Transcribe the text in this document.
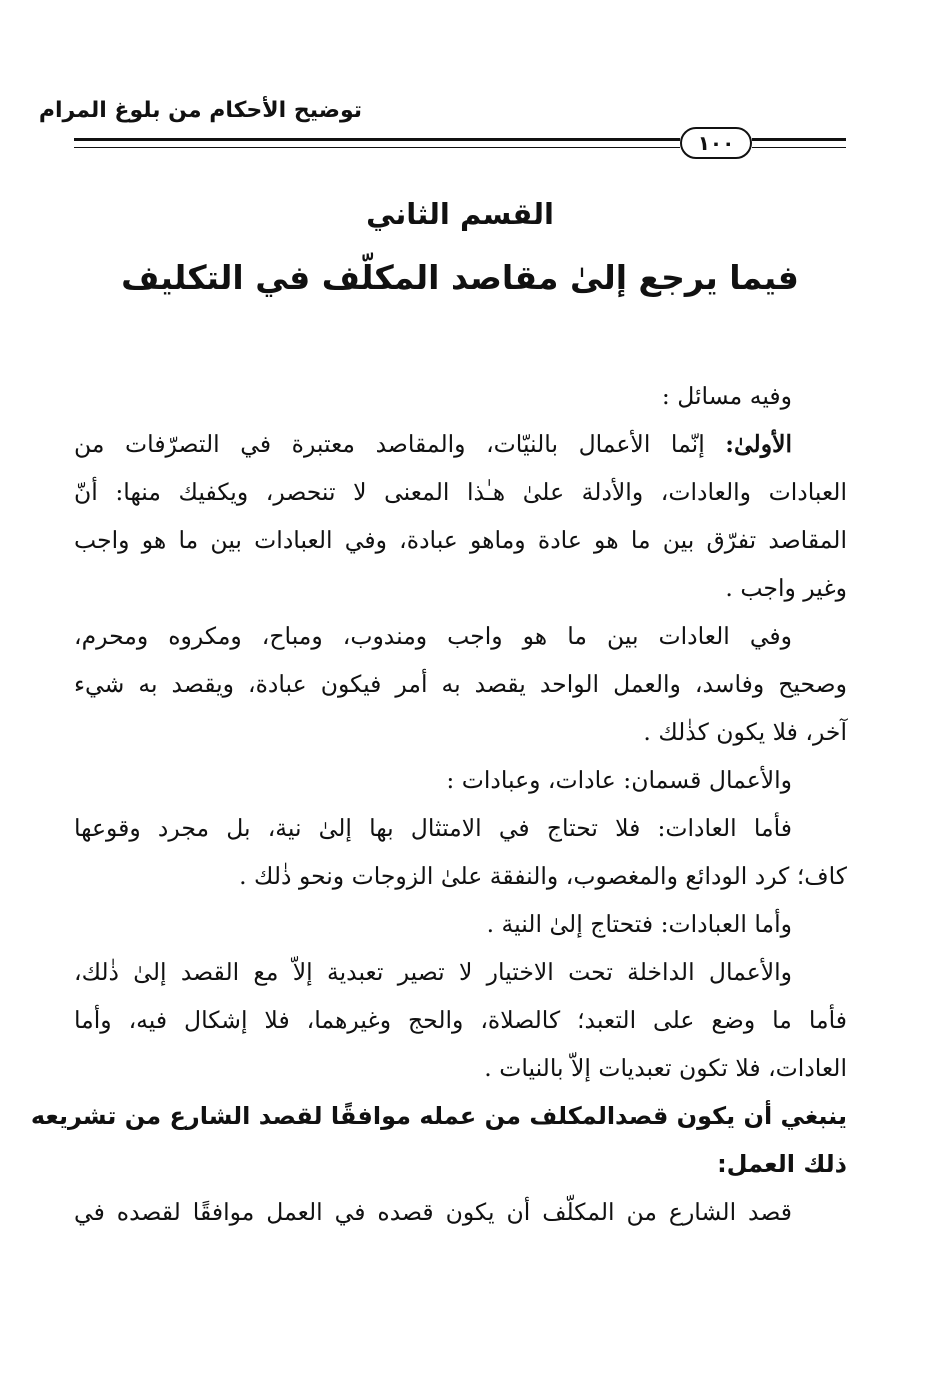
توضيح الأحكام من بلوغ المرام
١٠٠
القسم الثاني
فيما يرجع إلىٰ مقاصد المكلّف في التكليف
وفيه مسائل :
الأولىٰ: إنّما الأعمال بالنيّات، والمقاصد معتبرة في التصرّفات من
العبادات والعادات، والأدلة علىٰ هـٰذا المعنى لا تنحصر، ويكفيك منها: أنّ
المقاصد تفرّق بين ما هو عادة وماهو عبادة، وفي العبادات بين ما هو واجب
وغير واجب .
وفي العادات بين ما هو واجب ومندوب، ومباح، ومكروه ومحرم،
وصحيح وفاسد، والعمل الواحد يقصد به أمر فيكون عبادة، ويقصد به شيء
آخر، فلا يكون كذٰلك .
والأعمال قسمان: عادات، وعبادات :
فأما العادات: فلا تحتاج في الامتثال بها إلىٰ نية، بل مجرد وقوعها
كاف؛ كرد الودائع والمغصوب، والنفقة علىٰ الزوجات ونحو ذٰلك .
وأما العبادات: فتحتاج إلىٰ النية .
والأعمال الداخلة تحت الاختيار لا تصير تعبدية إلاّ مع القصد إلىٰ ذٰلك،
فأما ما وضع على التعبد؛ كالصلاة، والحج وغيرهما، فلا إشكال فيه، وأما
العادات، فلا تكون تعبديات إلاّ بالنيات .
ينبغي أن يكون قصدالمكلف من عمله موافقًا لقصد الشارع من تشريعه
ذلك العمل:
قصد الشارع من المكلّف أن يكون قصده في العمل موافقًا لقصده في
